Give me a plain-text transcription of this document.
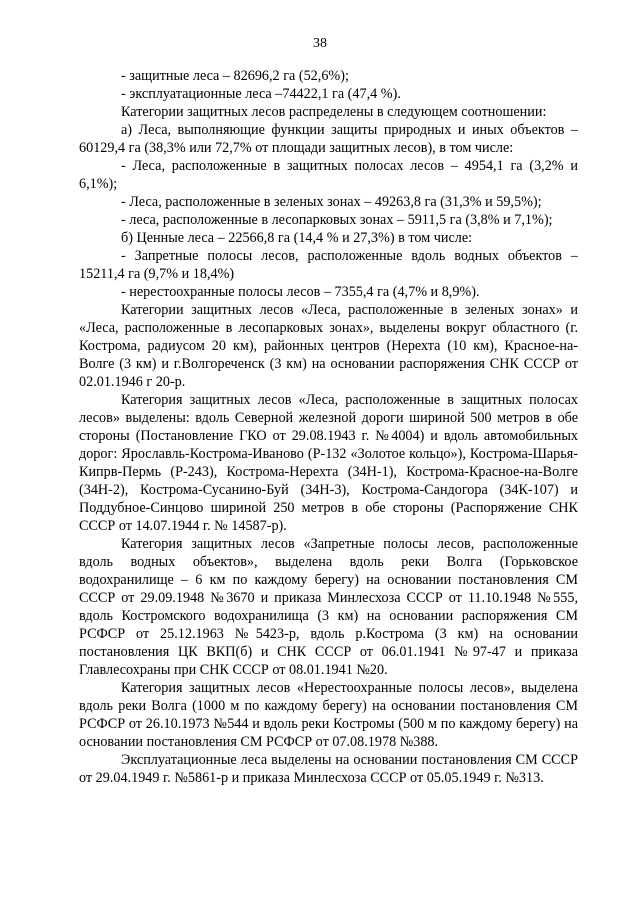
38

- защитные леса – 82696,2 га (52,6%);

- эксплуатационные леса –74422,1 га (47,4 %).

Категории защитных лесов распределены в следующем соотношении:

а) Леса, выполняющие функции защиты природных и иных объектов – 60129,4 га (38,3% или 72,7% от площади защитных лесов), в том числе:

- Леса, расположенные в защитных полосах лесов – 4954,1 га (3,2% и 6,1%);

- Леса, расположенные в зеленых зонах – 49263,8 га (31,3% и 59,5%);

- леса, расположенные в лесопарковых зонах – 5911,5 га (3,8% и 7,1%);

б) Ценные леса – 22566,8 га (14,4 % и 27,3%) в том числе:

- Запретные полосы лесов, расположенные вдоль водных объектов – 15211,4 га (9,7% и 18,4%)

- нерестоохранные полосы лесов – 7355,4 га (4,7% и 8,9%).

Категории защитных лесов «Леса, расположенные в зеленых зонах» и «Леса, расположенные в лесопарковых зонах», выделены вокруг областного (г. Кострома, радиусом 20 км), районных центров (Нерехта (10 км), Красное-на-Волге (3 км) и г.Волгореченск (3 км) на основании распоряжения СНК СССР от 02.01.1946 г 20-р.

Категория защитных лесов «Леса, расположенные в защитных полосах лесов» выделены: вдоль Северной железной дороги шириной 500 метров в обе стороны (Постановление ГКО от 29.08.1943 г. №4004) и вдоль автомобильных дорог: Ярославль-Кострома-Иваново (Р-132 «Золотое кольцо»), Кострома-Шарья-Кипрв-Пермь (Р-243), Кострома-Нерехта (34Н-1), Кострома-Красное-на-Волге (34Н-2), Кострома-Сусанино-Буй (34Н-3), Кострома-Сандогора (34К-107) и Поддубное-Синцово шириной 250 метров в обе стороны (Распоряжение СНК СССР от 14.07.1944 г. № 14587-р).

Категория защитных лесов «Запретные полосы лесов, расположенные вдоль водных объектов», выделена вдоль реки Волга (Горьковское водохранилище – 6 км по каждому берегу) на основании постановления СМ СССР от 29.09.1948 №3670 и приказа Минлесхоза СССР от 11.10.1948 №555, вдоль Костромского водохранилища (3 км) на основании распоряжения СМ РСФСР от 25.12.1963 №5423-р, вдоль р.Кострома (3 км) на основании постановления ЦК ВКП(б) и СНК СССР от 06.01.1941 №97-47 и приказа Главлесохраны при СНК СССР от 08.01.1941 №20.

Категория защитных лесов «Нерестоохранные полосы лесов», выделена вдоль реки Волга (1000 м по каждому берегу) на основании постановления СМ РСФСР от 26.10.1973 №544 и вдоль реки Костромы (500 м по каждому берегу) на основании постановления СМ РСФСР от 07.08.1978 №388.

Эксплуатационные леса выделены на основании постановления СМ СССР от 29.04.1949 г. №5861-р и приказа Минлесхоза СССР от 05.05.1949 г. №313.
